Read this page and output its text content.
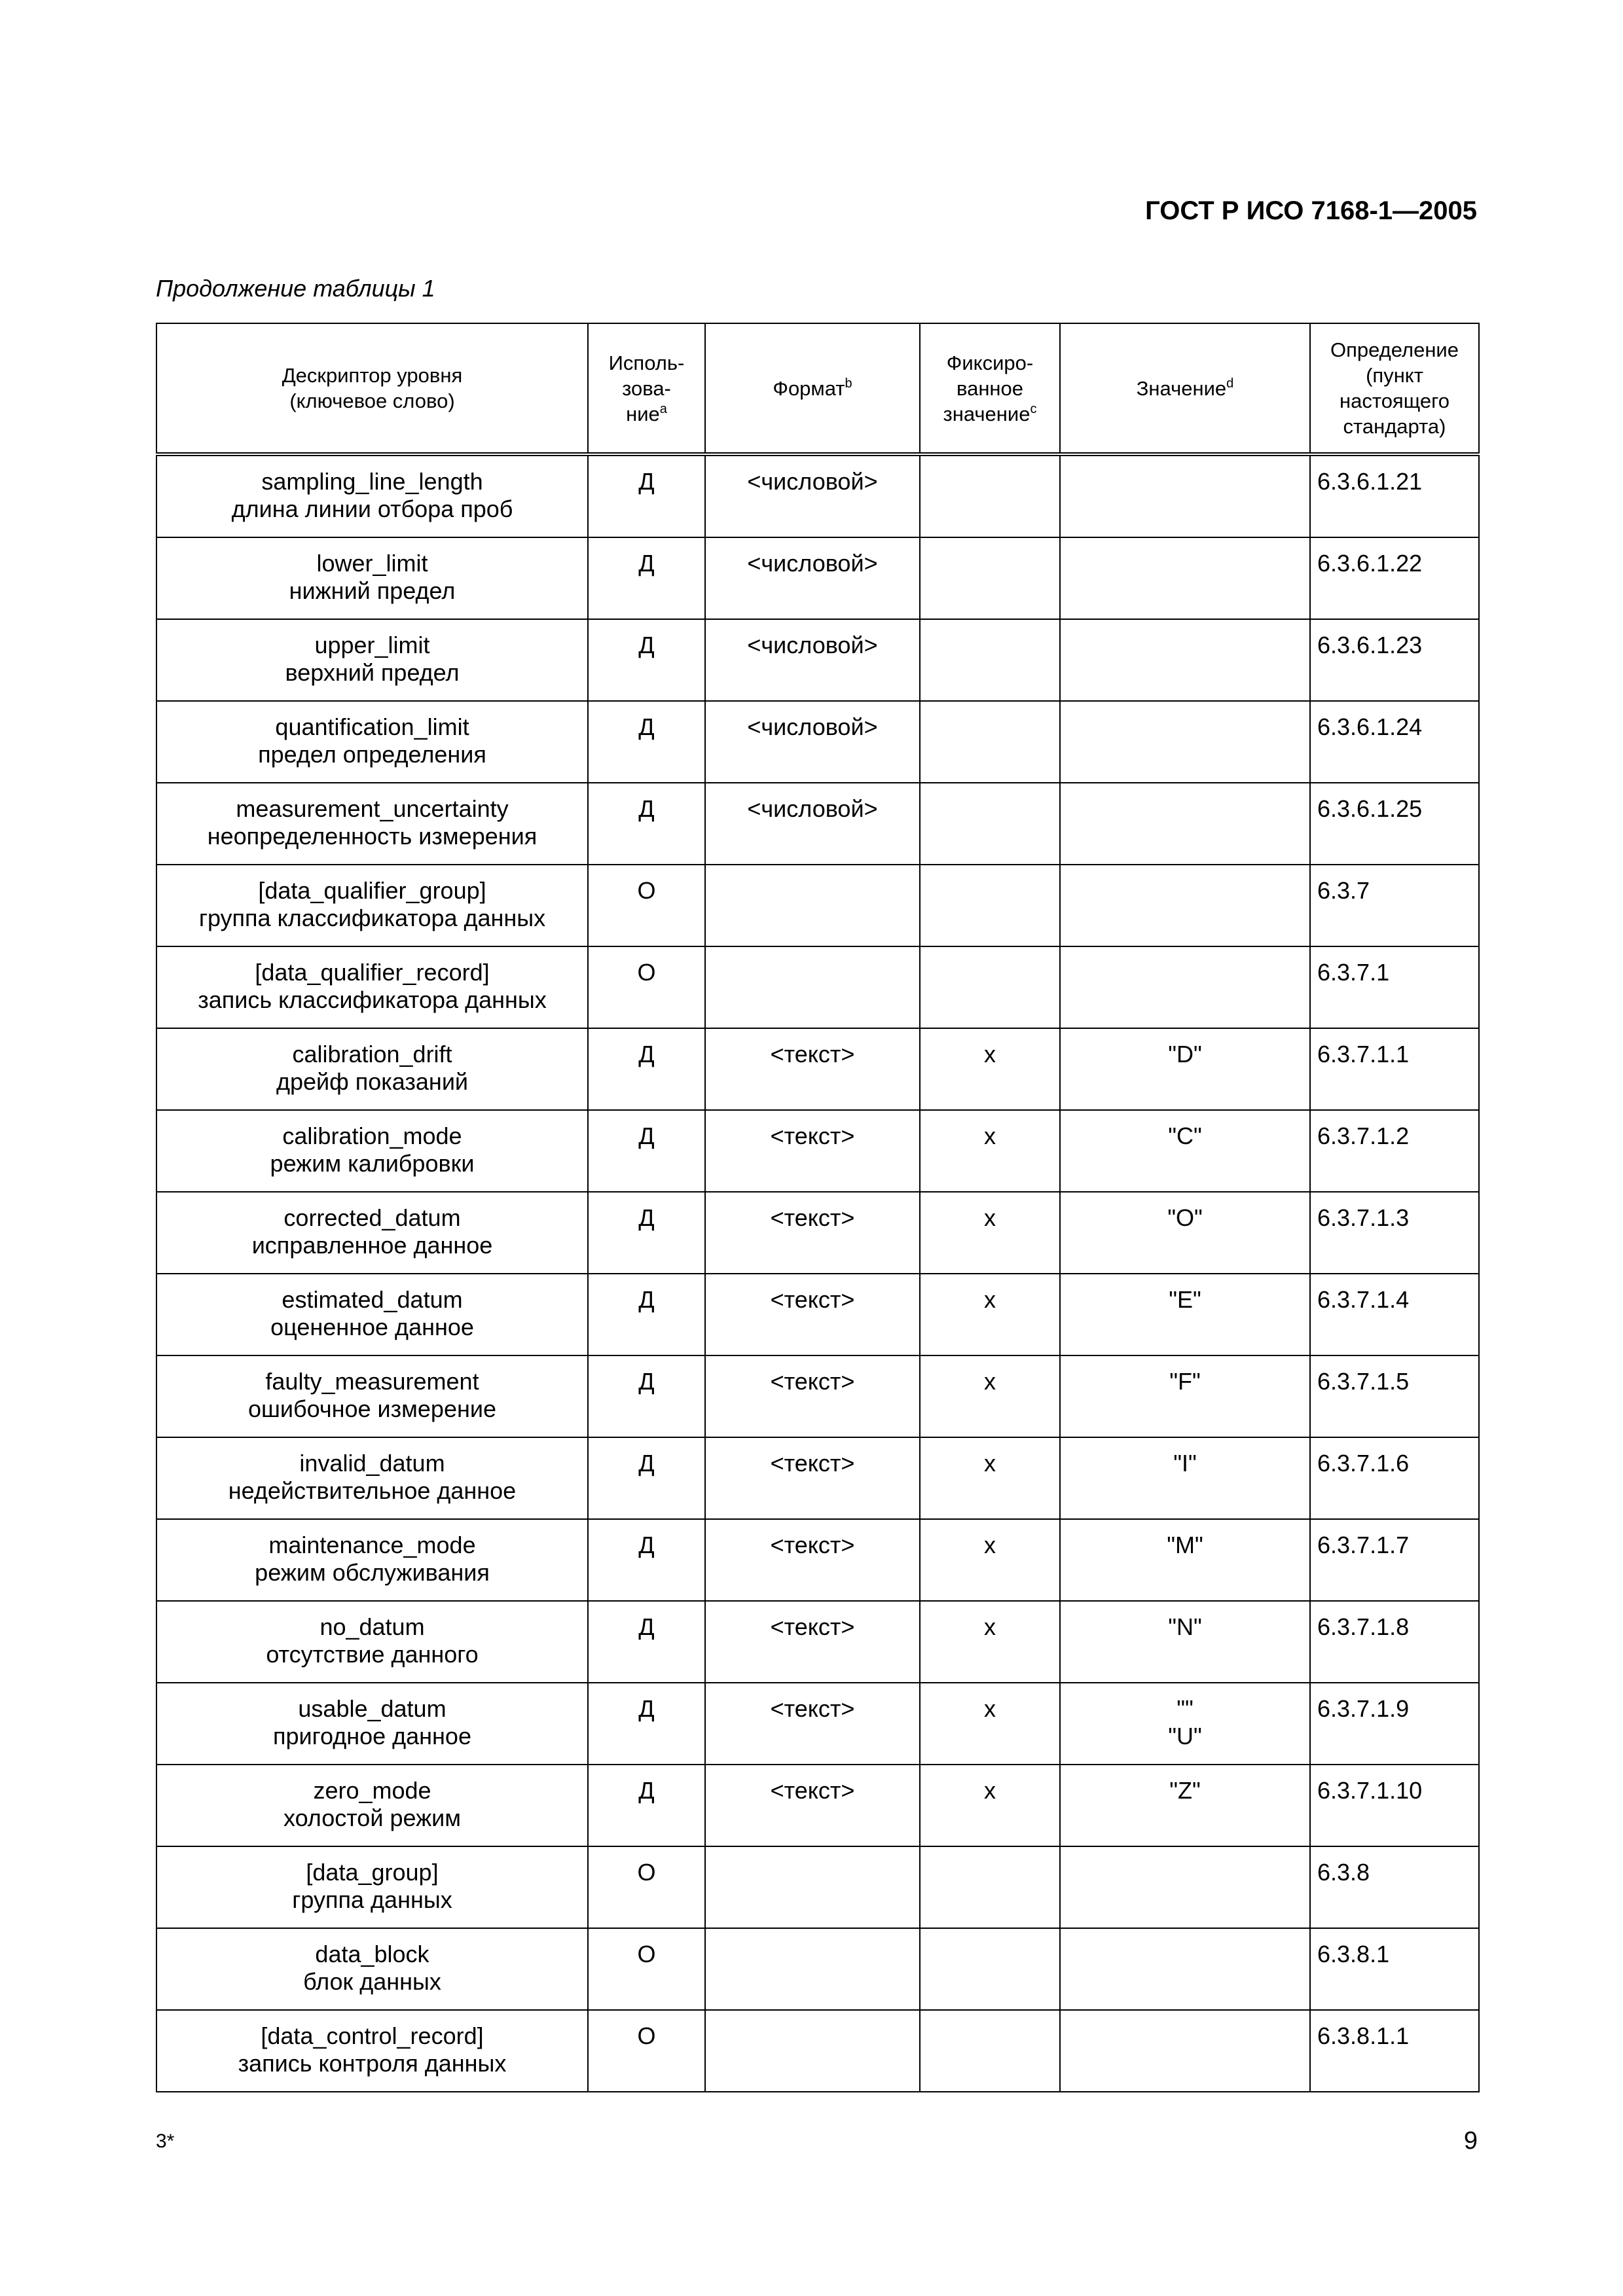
ГОСТ Р ИСО 7168-1—2005
Продолжение таблицы 1
Дескриптор уровня
(ключевое слово)	Исполь-
зова-
ние$^a$	Формат$^b$	Фиксиро-
ванное
значение$^c$	Значение$^d$	Определение
(пункт
настоящего
стандарта)

sampling_line_length
длина линии отбора проб	Д	<числовой>			6.3.6.1.21

lower_limit
нижний предел	Д	<числовой>			6.3.6.1.22

upper_limit
верхний предел	Д	<числовой>			6.3.6.1.23

quantification_limit
предел определения	Д	<числовой>			6.3.6.1.24

measurement_uncertainty
неопределенность измерения	Д	<числовой>			6.3.6.1.25

[data_qualifier_group]
группа классификатора данных	О				6.3.7

[data_qualifier_record]
запись классификатора данных	О				6.3.7.1

calibration_drift
дрейф показаний	Д	<текст>	x	"D"	6.3.7.1.1

calibration_mode
режим калибровки	Д	<текст>	x	"C"	6.3.7.1.2

corrected_datum
исправленное данное	Д	<текст>	x	"O"	6.3.7.1.3

estimated_datum
оцененное данное	Д	<текст>	x	"E"	6.3.7.1.4

faulty_measurement
ошибочное измерение	Д	<текст>	x	"F"	6.3.7.1.5

invalid_datum
недействительное данное	Д	<текст>	x	"I"	6.3.7.1.6

maintenance_mode
режим обслуживания	Д	<текст>	x	"M"	6.3.7.1.7

no_datum
отсутствие данного	Д	<текст>	x	"N"	6.3.7.1.8

usable_datum
пригодное данное	Д	<текст>	x	""
"U"	6.3.7.1.9

zero_mode
холостой режим	Д	<текст>	x	"Z"	6.3.7.1.10

[data_group]
группа данных	О				6.3.8

data_block
блок данных	О				6.3.8.1

[data_control_record]
запись контроля данных	О				6.3.8.1.1
3*	9
